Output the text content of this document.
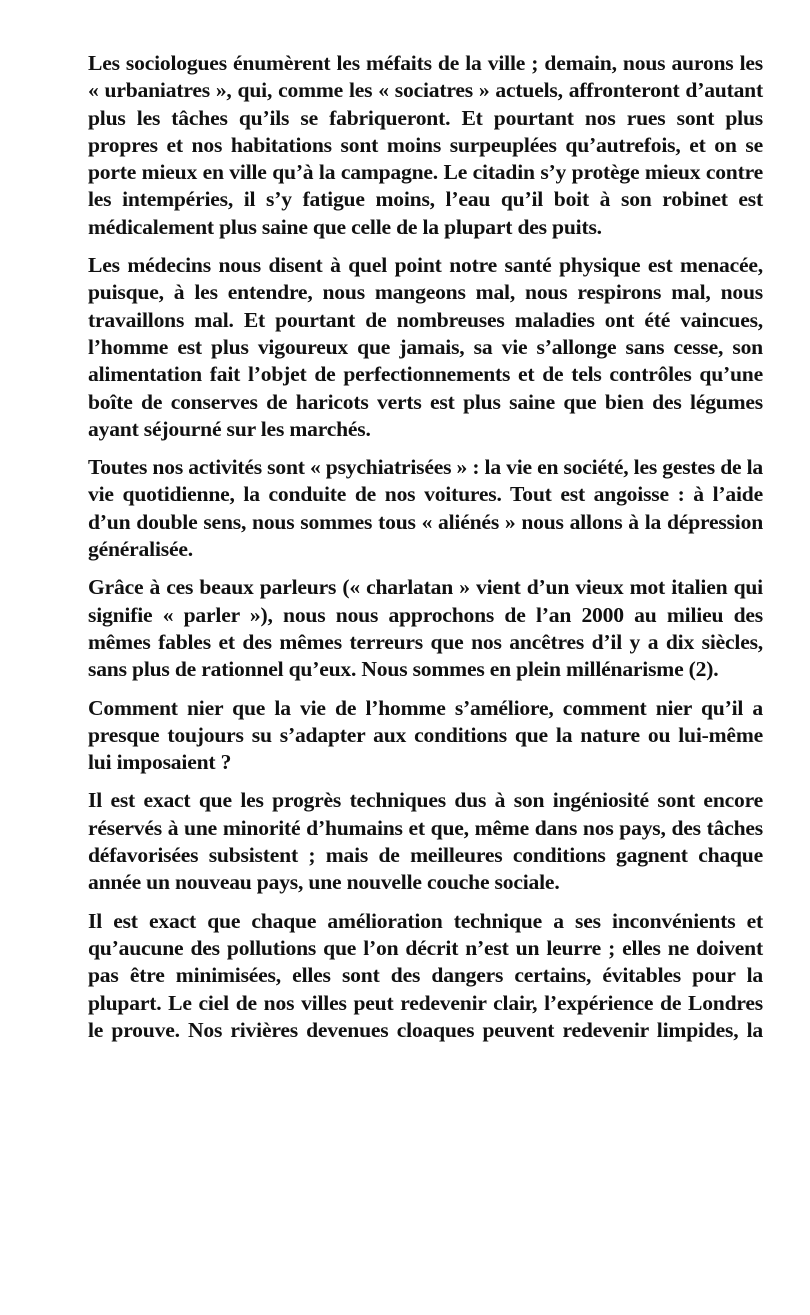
Les sociologues énumèrent les méfaits de la ville ; demain, nous aurons les « urbaniatres », qui, comme les « sociatres » actuels, affronteront d’autant plus les tâches qu’ils se fabriqueront. Et pourtant nos rues sont plus propres et nos habitations sont moins surpeuplées qu’autrefois, et on se porte mieux en ville qu’à la campagne. Le citadin s’y protège mieux contre les intempéries, il s’y fatigue moins, l’eau qu’il boit à son robinet est médicalement plus saine que celle de la plupart des puits.

Les médecins nous disent à quel point notre santé physique est menacée, puisque, à les entendre, nous mangeons mal, nous respirons mal, nous travaillons mal. Et pourtant de nombreuses maladies ont été vaincues, l’homme est plus vigoureux que jamais, sa vie s’allonge sans cesse, son alimentation fait l’objet de perfectionnements et de tels contrôles qu’une boîte de conserves de haricots verts est plus saine que bien des légumes ayant séjourné sur les marchés.

Toutes nos activités sont « psychiatrisées » : la vie en société, les gestes de la vie quotidienne, la conduite de nos voitures. Tout est angoisse : à l’aide d’un double sens, nous sommes tous « aliénés » nous allons à la dépression généralisée.

Grâce à ces beaux parleurs (« charlatan » vient d’un vieux mot italien qui signifie « parler »), nous nous approchons de l’an 2000 au milieu des mêmes fables et des mêmes terreurs que nos ancêtres d’il y a dix siècles, sans plus de rationnel qu’eux. Nous sommes en plein millénarisme (2).

Comment nier que la vie de l’homme s’améliore, comment nier qu’il a presque toujours su s’adapter aux conditions que la nature ou lui-même lui imposaient ?

Il est exact que les progrès techniques dus à son ingéniosité sont encore réservés à une minorité d’humains et que, même dans nos pays, des tâches défavorisées subsistent ; mais de meilleures conditions gagnent chaque année un nouveau pays, une nouvelle couche sociale.

Il est exact que chaque amélioration technique a ses inconvénients et qu’aucune des pollutions que l’on décrit n’est un leurre ; elles ne doivent pas être minimisées, elles sont des dangers certains, évitables pour la plupart. Le ciel de nos villes peut redevenir clair, l’expérience de Londres le prouve. Nos rivières devenues cloaques peuvent redevenir limpides, la
